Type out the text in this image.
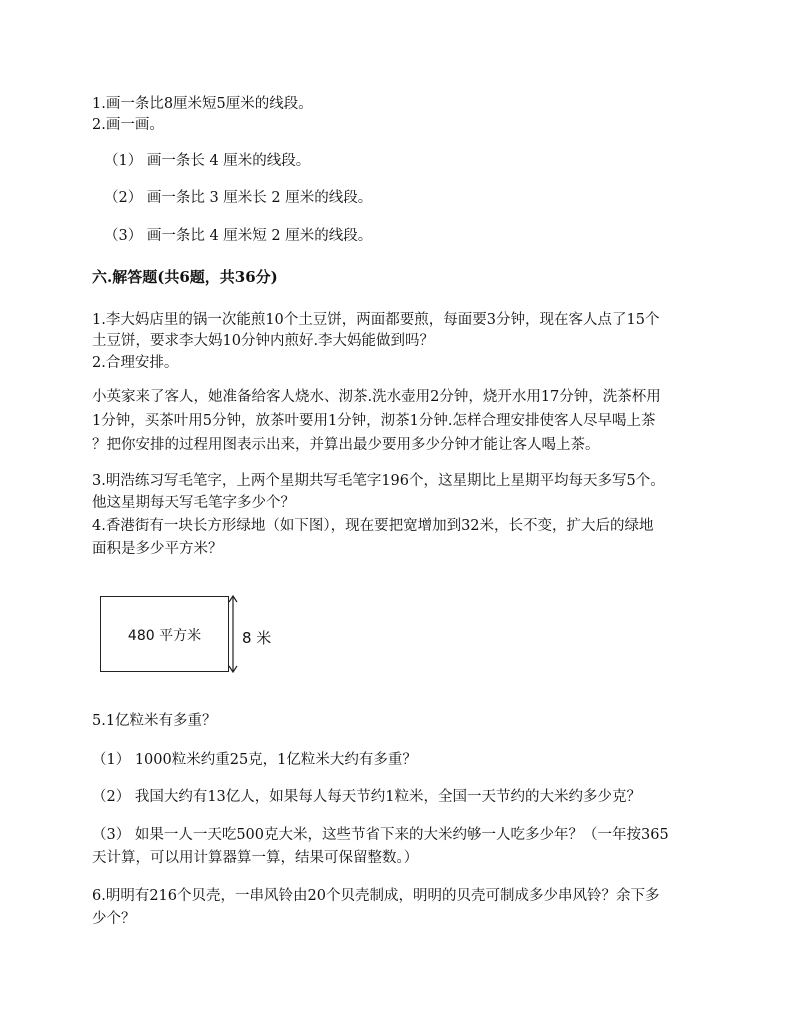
1.画一条比8厘米短5厘米的线段。
2.画一画。
（1） 画一条长 4 厘米的线段。
（2） 画一条比 3 厘米长 2 厘米的线段。
（3） 画一条比 4 厘米短 2 厘米的线段。
六.解答题(共6题，共36分)
1.李大妈店里的锅一次能煎10个土豆饼，两面都要煎，每面要3分钟，现在客人点了15个
土豆饼，要求李大妈10分钟内煎好.李大妈能做到吗？
2.合理安排。
小英家来了客人，她准备给客人烧水、沏茶.洗水壶用2分钟，烧开水用17分钟，洗茶杯用
1分钟，买茶叶用5分钟，放茶叶要用1分钟，沏茶1分钟.怎样合理安排使客人尽早喝上茶
？把你安排的过程用图表示出来，并算出最少要用多少分钟才能让客人喝上茶。
3.明浩练习写毛笔字，上两个星期共写毛笔字196个，这星期比上星期平均每天多写5个。
他这星期每天写毛笔字多少个？
4.香港街有一块长方形绿地（如下图），现在要把宽增加到32米，长不变，扩大后的绿地
面积是多少平方米？
480 平方米	8 米
5.1亿粒米有多重？
（1） 1000粒米约重25克，1亿粒米大约有多重？
（2） 我国大约有13亿人，如果每人每天节约1粒米，全国一天节约的大米约多少克？
（3） 如果一人一天吃500克大米，这些节省下来的大米约够一人吃多少年？（一年按365
天计算，可以用计算器算一算，结果可保留整数。）
6.明明有216个贝壳，一串风铃由20个贝壳制成，明明的贝壳可制成多少串风铃？余下多
少个？
